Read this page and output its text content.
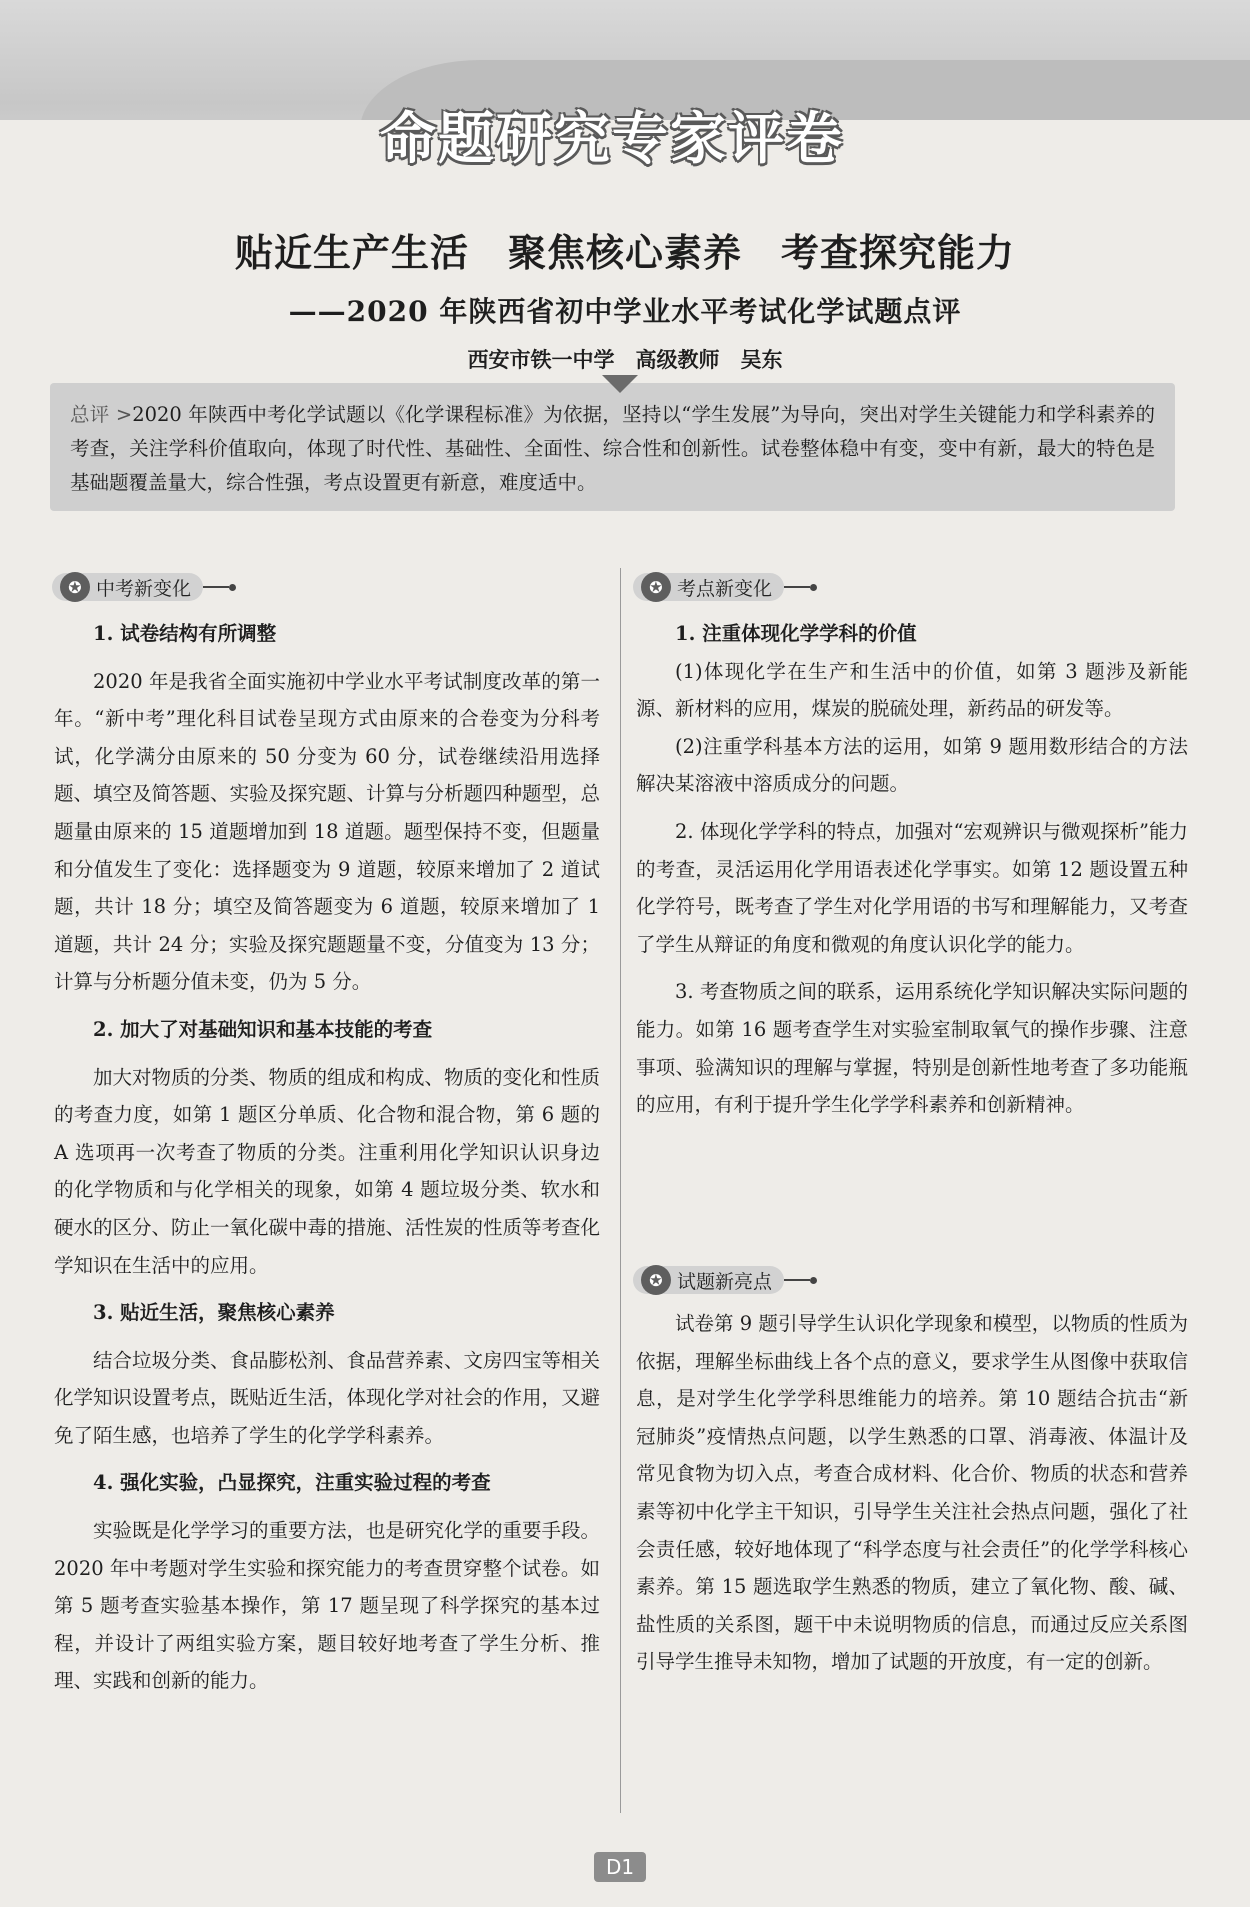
命题研究专家评卷
贴近生产生活　聚焦核心素养　考查探究能力
——2020 年陕西省初中学业水平考试化学试题点评
西安市铁一中学　高级教师　吴东
总评 >2020 年陕西中考化学试题以《化学课程标准》为依据，坚持以“学生发展”为导向，突出对学生关键能力和学科素养的考查，关注学科价值取向，体现了时代性、基础性、全面性、综合性和创新性。试卷整体稳中有变，变中有新，最大的特色是基础题覆盖量大，综合性强，考点设置更有新意，难度适中。
✪ 中考新变化
1. 试卷结构有所调整

2020 年是我省全面实施初中学业水平考试制度改革的第一年。“新中考”理化科目试卷呈现方式由原来的合卷变为分科考试，化学满分由原来的 50 分变为 60 分，试卷继续沿用选择题、填空及简答题、实验及探究题、计算与分析题四种题型，总题量由原来的 15 道题增加到 18 道题。题型保持不变，但题量和分值发生了变化：选择题变为 9 道题，较原来增加了 2 道试题，共计 18 分；填空及简答题变为 6 道题，较原来增加了 1 道题，共计 24 分；实验及探究题题量不变，分值变为 13 分；计算与分析题分值未变，仍为 5 分。

2. 加大了对基础知识和基本技能的考查

加大对物质的分类、物质的组成和构成、物质的变化和性质的考查力度，如第 1 题区分单质、化合物和混合物，第 6 题的 A 选项再一次考查了物质的分类。注重利用化学知识认识身边的化学物质和与化学相关的现象，如第 4 题垃圾分类、软水和硬水的区分、防止一氧化碳中毒的措施、活性炭的性质等考查化学知识在生活中的应用。

3. 贴近生活，聚焦核心素养

结合垃圾分类、食品膨松剂、食品营养素、文房四宝等相关化学知识设置考点，既贴近生活，体现化学对社会的作用，又避免了陌生感，也培养了学生的化学学科素养。

4. 强化实验，凸显探究，注重实验过程的考查

实验既是化学学习的重要方法，也是研究化学的重要手段。2020 年中考题对学生实验和探究能力的考查贯穿整个试卷。如第 5 题考查实验基本操作，第 17 题呈现了科学探究的基本过程，并设计了两组实验方案，题目较好地考查了学生分析、推理、实践和创新的能力。

✪ 考点新变化
1. 注重体现化学学科的价值

(1)体现化学在生产和生活中的价值，如第 3 题涉及新能源、新材料的应用，煤炭的脱硫处理，新药品的研发等。

(2)注重学科基本方法的运用，如第 9 题用数形结合的方法解决某溶液中溶质成分的问题。

2. 体现化学学科的特点，加强对“宏观辨识与微观探析”能力的考查，灵活运用化学用语表述化学事实。如第 12 题设置五种化学符号，既考查了学生对化学用语的书写和理解能力，又考查了学生从辩证的角度和微观的角度认识化学的能力。

3. 考查物质之间的联系，运用系统化学知识解决实际问题的能力。如第 16 题考查学生对实验室制取氧气的操作步骤、注意事项、验满知识的理解与掌握，特别是创新性地考查了多功能瓶的应用，有利于提升学生化学学科素养和创新精神。

✪ 试题新亮点

试卷第 9 题引导学生认识化学现象和模型，以物质的性质为依据，理解坐标曲线上各个点的意义，要求学生从图像中获取信息，是对学生化学学科思维能力的培养。第 10 题结合抗击“新冠肺炎”疫情热点问题，以学生熟悉的口罩、消毒液、体温计及常见食物为切入点，考查合成材料、化合价、物质的状态和营养素等初中化学主干知识，引导学生关注社会热点问题，强化了社会责任感，较好地体现了“科学态度与社会责任”的化学学科核心素养。第 15 题选取学生熟悉的物质，建立了氧化物、酸、碱、盐性质的关系图，题干中未说明物质的信息，而通过反应关系图引导学生推导未知物，增加了试题的开放度，有一定的创新。

D1
